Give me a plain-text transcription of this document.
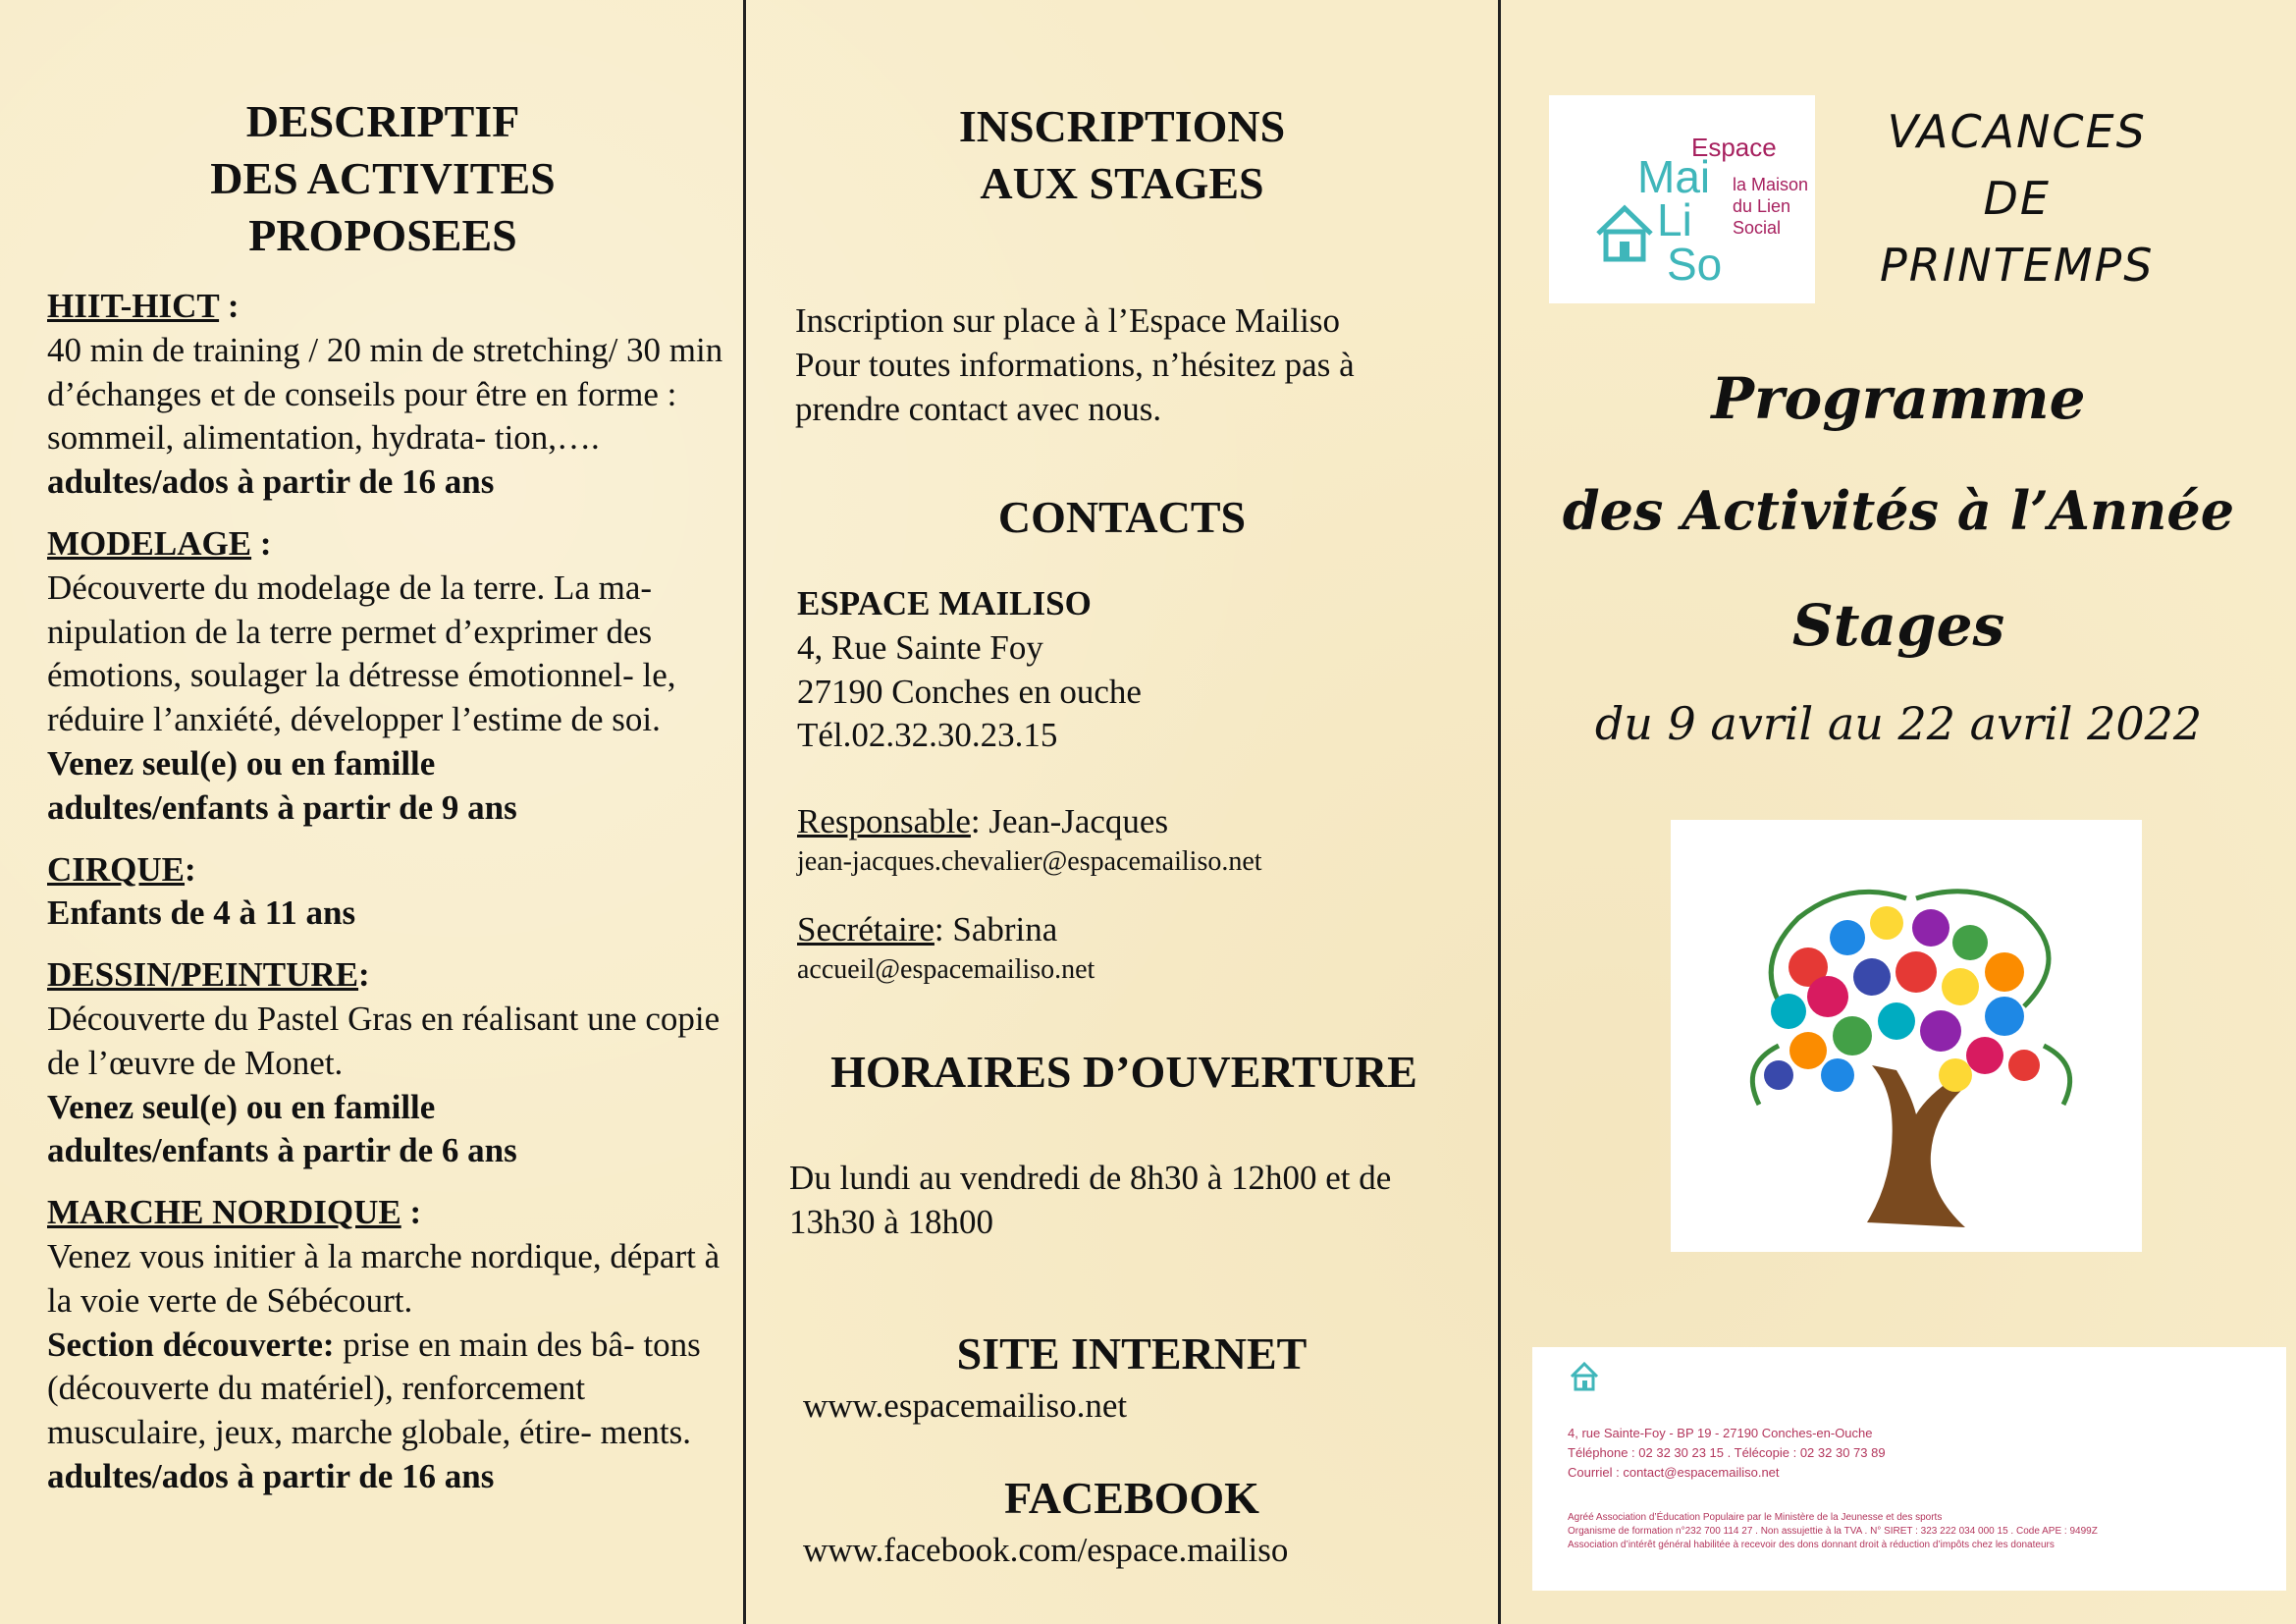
DESCRIPTIF
DES ACTIVITES
PROPOSEES
HIIT-HICT :
40 min de training / 20 min de stretching/ 30 min d’échanges et de conseils pour être en forme : sommeil, alimentation, hydrata- tion,….
adultes/ados à partir de 16 ans
MODELAGE :
Découverte du modelage de la terre. La ma- nipulation de la terre permet d’exprimer des émotions, soulager la détresse émotionnel- le, réduire l’anxiété, développer l’estime de soi.
Venez seul(e) ou en famille
adultes/enfants à partir de 9 ans
CIRQUE:
Enfants de 4 à 11 ans
DESSIN/PEINTURE:
Découverte du Pastel Gras en réalisant une copie de l’œuvre de Monet.
Venez seul(e) ou en famille
adultes/enfants à partir de 6 ans
MARCHE NORDIQUE :
Venez vous initier à la marche nordique, départ à la voie verte de Sébécourt.
Section découverte: prise en main des bâ- tons (découverte du matériel), renforcement musculaire, jeux, marche globale, étire- ments. adultes/ados à partir de 16 ans
INSCRIPTIONS
AUX STAGES
Inscription sur place à l’Espace Mailiso
Pour toutes informations, n’hésitez pas à
prendre contact avec nous.
CONTACTS
ESPACE MAILISO
4, Rue Sainte Foy
27190 Conches en ouche
Tél.02.32.30.23.15
Responsable: Jean-Jacques
jean-jacques.chevalier@espacemailiso.net
Secrétaire: Sabrina
accueil@espacemailiso.net
HORAIRES D’OUVERTURE
Du lundi au vendredi de 8h30 à 12h00 et de
13h30 à 18h00
SITE INTERNET
www.espacemailiso.net
FACEBOOK
www.facebook.com/espace.mailiso
Espace
Mai
Li
So
la Maison
du Lien
Social
VACANCES
DE
PRINTEMPS
Programme
des Activités à l’Année
Stages
du 9 avril au 22 avril 2022
4, rue Sainte-Foy - BP 19 - 27190 Conches-en-Ouche
Téléphone : 02 32 30 23 15 . Télécopie : 02 32 30 73 89
Courriel : contact@espacemailiso.net
Agréé Association d’Éducation Populaire par le Ministère de la Jeunesse et des sports
Organisme de formation n°232 700 114 27 . Non assujettie à la TVA . N° SIRET : 323 222 034 000 15 . Code APE : 9499Z
Association d’intérêt général habilitée à recevoir des dons donnant droit à réduction d’impôts chez les donateurs
